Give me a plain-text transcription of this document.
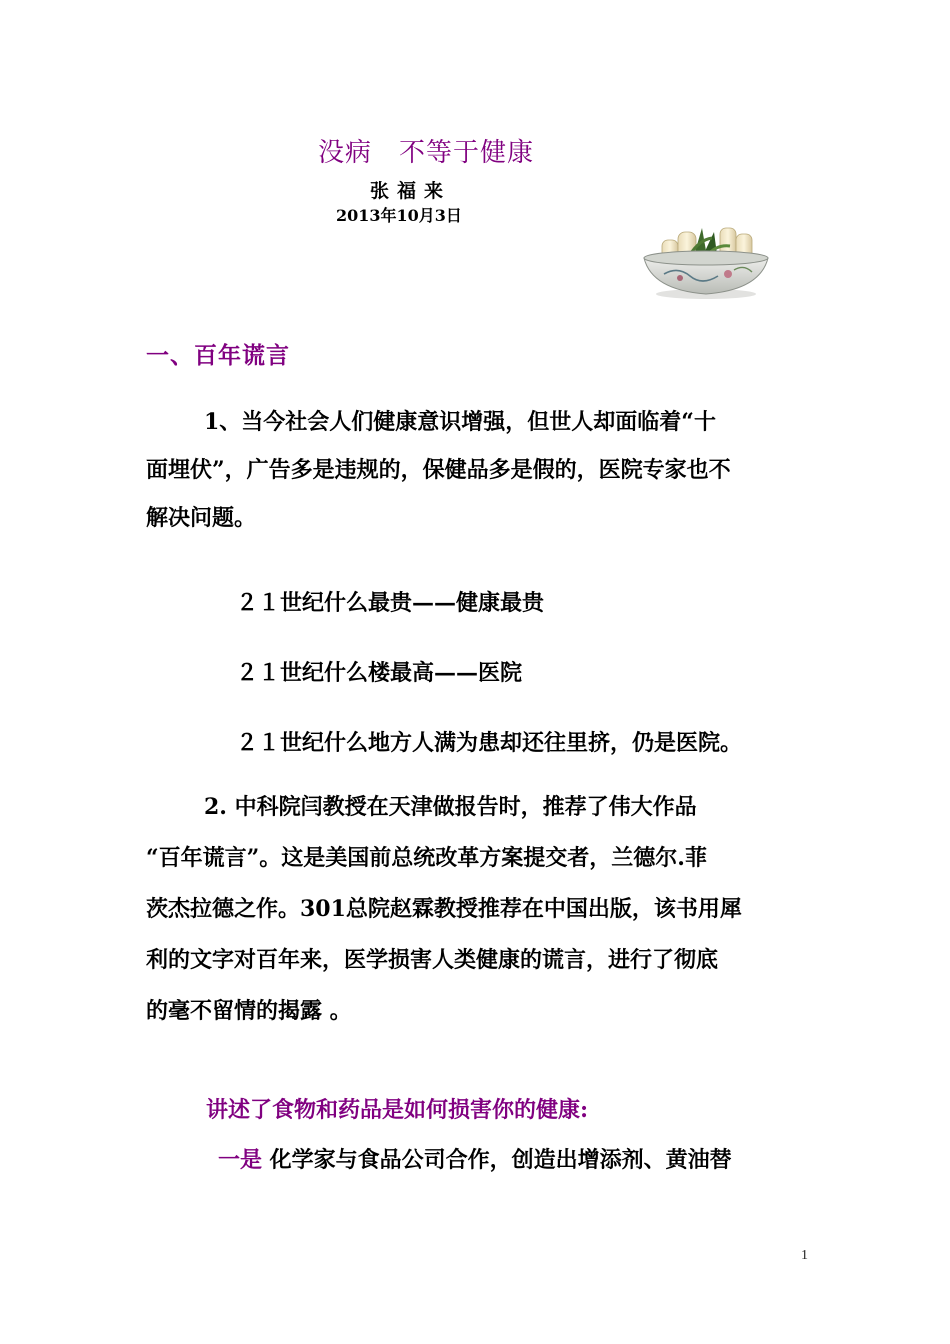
没病　不等于健康
张福来
2013年10月3日
一、百年谎言
1、当今社会人们健康意识增强，但世人却面临着“十
面埋伏”，广告多是违规的，保健品多是假的，医院专家也不
解决问题。
２１世纪什么最贵——健康最贵
２１世纪什么楼最高——医院
２１世纪什么地方人满为患却还往里挤，仍是医院。
2. 中科院闫教授在天津做报告时，推荐了伟大作品
“百年谎言”。这是美国前总统改革方案提交者，兰德尔.菲
茨杰拉德之作。301总院赵霖教授推荐在中国出版，该书用犀
利的文字对百年来，医学损害人类健康的谎言，进行了彻底
的毫不留情的揭露 。
讲述了食物和药品是如何损害你的健康:
一是 化学家与食品公司合作，创造出增添剂、黄油替
1
